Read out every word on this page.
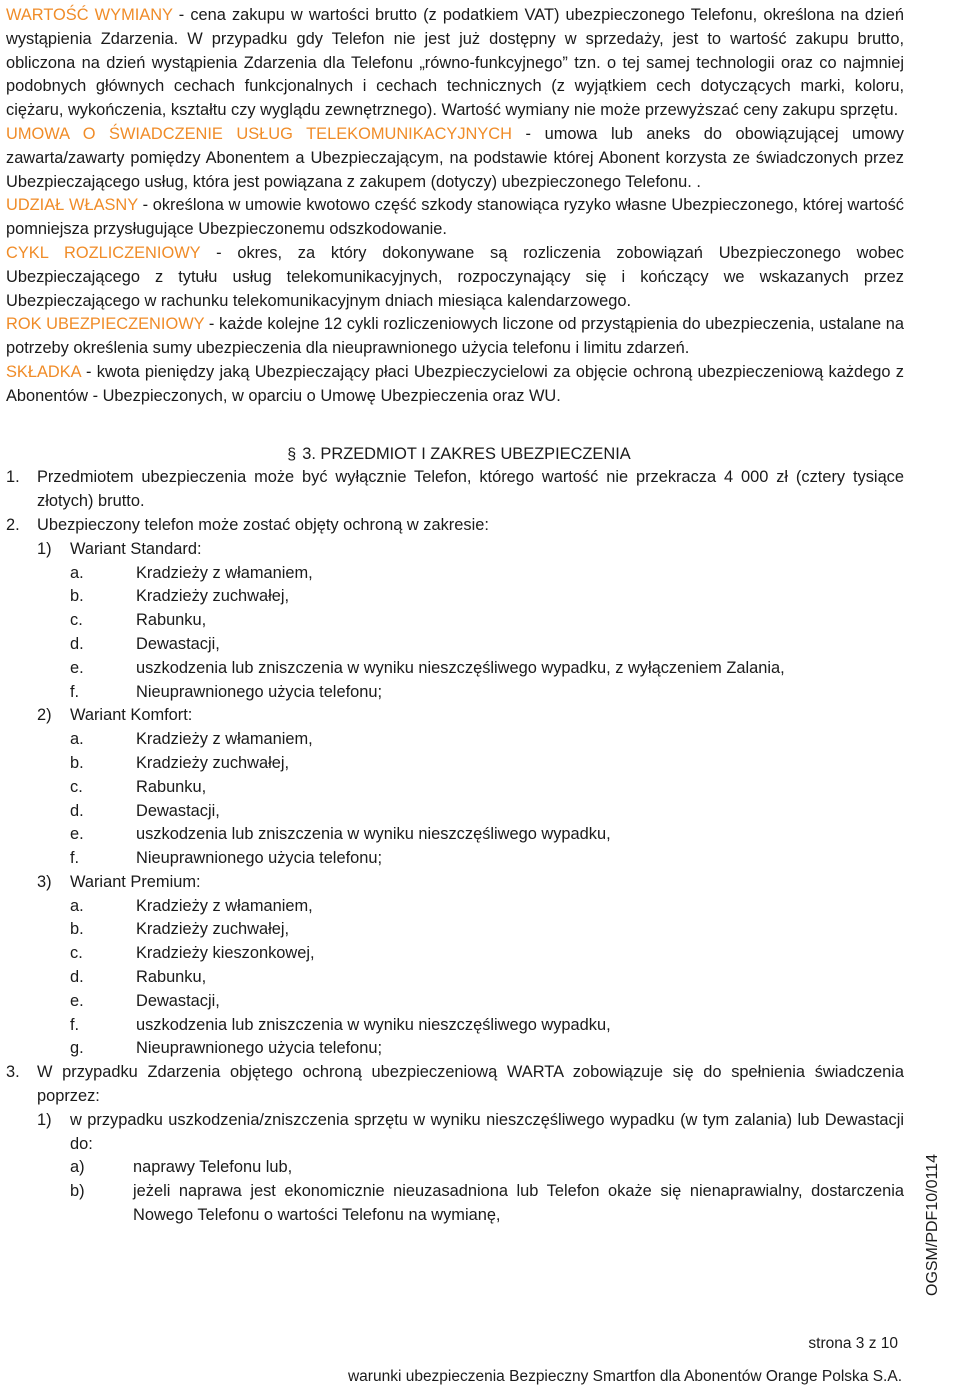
WARTOŚĆ WYMIANY - cena zakupu w wartości brutto (z podatkiem VAT) ubezpieczonego Telefonu, określona na dzień wystąpienia Zdarzenia. W przypadku gdy Telefon nie jest już dostępny w sprzedaży, jest to wartość zakupu brutto, obliczona na dzień wystąpienia Zdarzenia dla Telefonu „równo-funkcyjnego” tzn. o tej samej technologii oraz co najmniej podobnych głównych cechach funkcjonalnych i cechach technicznych (z wyjątkiem cech dotyczących marki, koloru, ciężaru, wykończenia, kształtu czy wyglądu zewnętrznego). Wartość wymiany nie może przewyższać ceny zakupu sprzętu.

UMOWA O ŚWIADCZENIE USŁUG TELEKOMUNIKACYJNYCH - umowa lub aneks do obowiązującej umowy zawarta/zawarty pomiędzy Abonentem a Ubezpieczającym, na podstawie której Abonent korzysta ze świadczonych przez Ubezpieczającego usług, która jest powiązana z zakupem (dotyczy) ubezpieczonego Telefonu. .

UDZIAŁ WŁASNY - określona w umowie kwotowo część szkody stanowiąca ryzyko własne Ubezpieczonego, której wartość pomniejsza przysługujące Ubezpieczonemu odszkodowanie.

CYKL ROZLICZENIOWY - okres, za który dokonywane są rozliczenia zobowiązań Ubezpieczonego wobec Ubezpieczającego z tytułu usług telekomunikacyjnych, rozpoczynający się i kończący we wskazanych przez Ubezpieczającego w rachunku telekomunikacyjnym dniach miesiąca kalendarzowego.

ROK UBEZPIECZENIOWY - każde kolejne 12 cykli rozliczeniowych liczone od przystąpienia do ubezpieczenia, ustalane na potrzeby określenia sumy ubezpieczenia dla nieuprawnionego użycia telefonu i limitu zdarzeń.

SKŁADKA - kwota pieniędzy jaką Ubezpieczający płaci Ubezpieczycielowi za objęcie ochroną ubezpieczeniową każdego z Abonentów - Ubezpieczonych, w oparciu o Umowę Ubezpieczenia oraz WU.

§ 3. PRZEDMIOT I ZAKRES UBEZPIECZENIA
1. Przedmiotem ubezpieczenia może być wyłącznie Telefon, którego wartość nie przekracza 4 000 zł (cztery tysiące złotych) brutto.
2. Ubezpieczony telefon może zostać objęty ochroną w zakresie:
1) Wariant Standard:
a.	Kradzieży z włamaniem,
b.	Kradzieży zuchwałej,
c.	Rabunku,
d.	Dewastacji,
e.	uszkodzenia lub zniszczenia w wyniku nieszczęśliwego wypadku, z wyłączeniem Zalania,
f.	Nieuprawnionego użycia telefonu;
2) Wariant Komfort:
a.	Kradzieży z włamaniem,
b.	Kradzieży zuchwałej,
c.	Rabunku,
d.	Dewastacji,
e.	uszkodzenia lub zniszczenia w wyniku nieszczęśliwego wypadku,
f.	Nieuprawnionego użycia telefonu;
3) Wariant Premium:
a.	Kradzieży z włamaniem,
b.	Kradzieży zuchwałej,
c.	Kradzieży kieszonkowej,
d.	Rabunku,
e.	Dewastacji,
f.	uszkodzenia lub zniszczenia w wyniku nieszczęśliwego wypadku,
g.	Nieuprawnionego użycia telefonu;
3. W przypadku Zdarzenia objętego ochroną ubezpieczeniową WARTA zobowiązuje się do spełnienia świadczenia poprzez:
1) w przypadku uszkodzenia/zniszczenia sprzętu w wyniku nieszczęśliwego wypadku (w tym zalania) lub Dewastacji do:
a)	naprawy Telefonu lub,
b)	jeżeli naprawa jest ekonomicznie nieuzasadniona lub Telefon okaże się nienaprawialny, dostarczenia Nowego Telefonu o wartości Telefonu na wymianę,	OGSM/PDF10/0114
strona 3 z 10
warunki ubezpieczenia Bezpieczny Smartfon dla Abonentów Orange Polska S.A.
